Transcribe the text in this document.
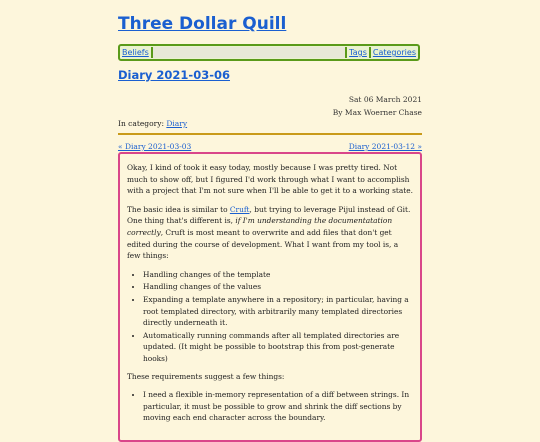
Three Dollar Quill
Beliefs	Tags Categories
Diary 2021-03-06
Sat 06 March 2021
By Max Woerner Chase
In category: Diary
« Diary 2021-03-03	Diary 2021-03-12 »

Okay, I kind of took it easy today, mostly because I was pretty tired. Not much to show off, but I figured I'd work through what I want to accomplish with a project that I'm not sure when I'll be able to get it to a working state.

The basic idea is similar to Cruft, but trying to leverage Pijul instead of Git. One thing that's different is, if I'm understanding the documentatation correctly, Cruft is most meant to overwrite and add files that don't get edited during the course of development. What I want from my tool is, a few things:

• Handling changes of the template
• Handling changes of the values
• Expanding a template anywhere in a repository; in particular, having a root templated directory, with arbitrarily many templated directories directly underneath it.
• Automatically running commands after all templated directories are updated. (It might be possible to bootstrap this from post-generate hooks)

These requirements suggest a few things:

• I need a flexible in-memory representation of a diff between strings. In particular, it must be possible to grow and shrink the diff sections by moving each end character across the boundary.
